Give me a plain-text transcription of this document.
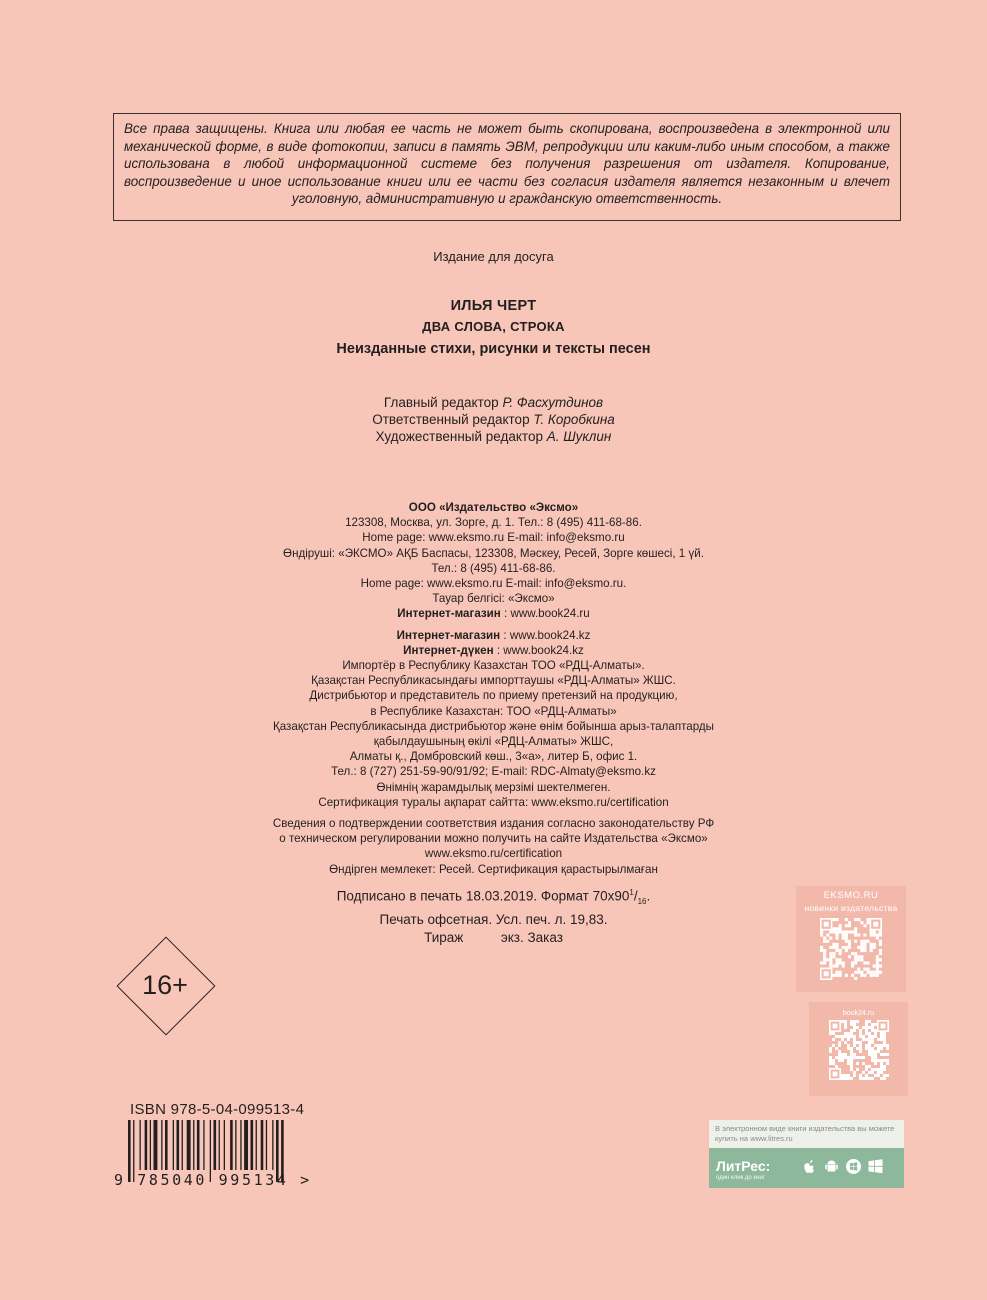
Все права защищены. Книга или любая ее часть не может быть скопирована, воспроизведена в электронной или механической форме, в виде фотокопии, записи в память ЭВМ, репродукции или каким-либо иным способом, а также использована в любой информационной системе без получения разрешения от издателя. Копирование, воспроизведение и иное использование книги или ее части без согласия издателя является незаконным и влечет уголовную, административную и гражданскую ответственность.
Издание для досуга
ИЛЬЯ ЧЕРТ
ДВА СЛОВА, СТРОКА
Неизданные стихи, рисунки и тексты песен
Главный редактор Р. Фасхутдинов
Ответственный редактор Т. Коробкина
Художественный редактор А. Шуклин
ООО «Издательство «Эксмо»
123308, Москва, ул. Зорге, д. 1. Тел.: 8 (495) 411-68-86.
Home page: www.eksmo.ru E-mail: info@eksmo.ru
Өндіруші: «ЭКСМО» АҚБ Баспасы, 123308, Мәскеу, Ресей, Зорге көшесі, 1 үй.
Тел.: 8 (495) 411-68-86.
Home page: www.eksmo.ru E-mail: info@eksmo.ru.
Тауар белгісі: «Эксмо»
Интернет-магазин : www.book24.ru
Интернет-магазин : www.book24.kz
Интернет-дүкен : www.book24.kz
Импортёр в Республику Казахстан ТОО «РДЦ-Алматы».
Қазақстан Республикасындағы импорттаушы «РДЦ-Алматы» ЖШС.
Дистрибьютор и представитель по приему претензий на продукцию,
в Республике Казахстан: ТОО «РДЦ-Алматы»
Қазақстан Республикасында дистрибьютор және өнім бойынша арыз-талаптарды
қабылдаушының өкілі «РДЦ-Алматы» ЖШС,
Алматы қ., Домбровский көш., 3«а», литер Б, офис 1.
Тел.: 8 (727) 251-59-90/91/92; E-mail: RDC-Almaty@eksmo.kz
Өнімнің жарамдылық мерзімі шектелмеген.
Сертификация туралы ақпарат сайтта: www.eksmo.ru/certification
Сведения о подтверждении соответствия издания согласно законодательству РФ
о техническом регулировании можно получить на сайте Издательства «Эксмо»
www.eksmo.ru/certification
Өндірген мемлекет: Ресей. Сертификация қарастырылмаған
Подписано в печать 18.03.2019. Формат $70x90^1/_{16}$.
Печать офсетная. Усл. печ. л. 19,83.
Тираж          экз. Заказ
16+
ISBN 978-5-04-099513-4
9 785040 995134 >
EKSMO.RU
новинки издательства
book24.ru
В электронном виде книги издательства вы можете купить на www.litres.ru
ЛитРес:
один клик до книг
